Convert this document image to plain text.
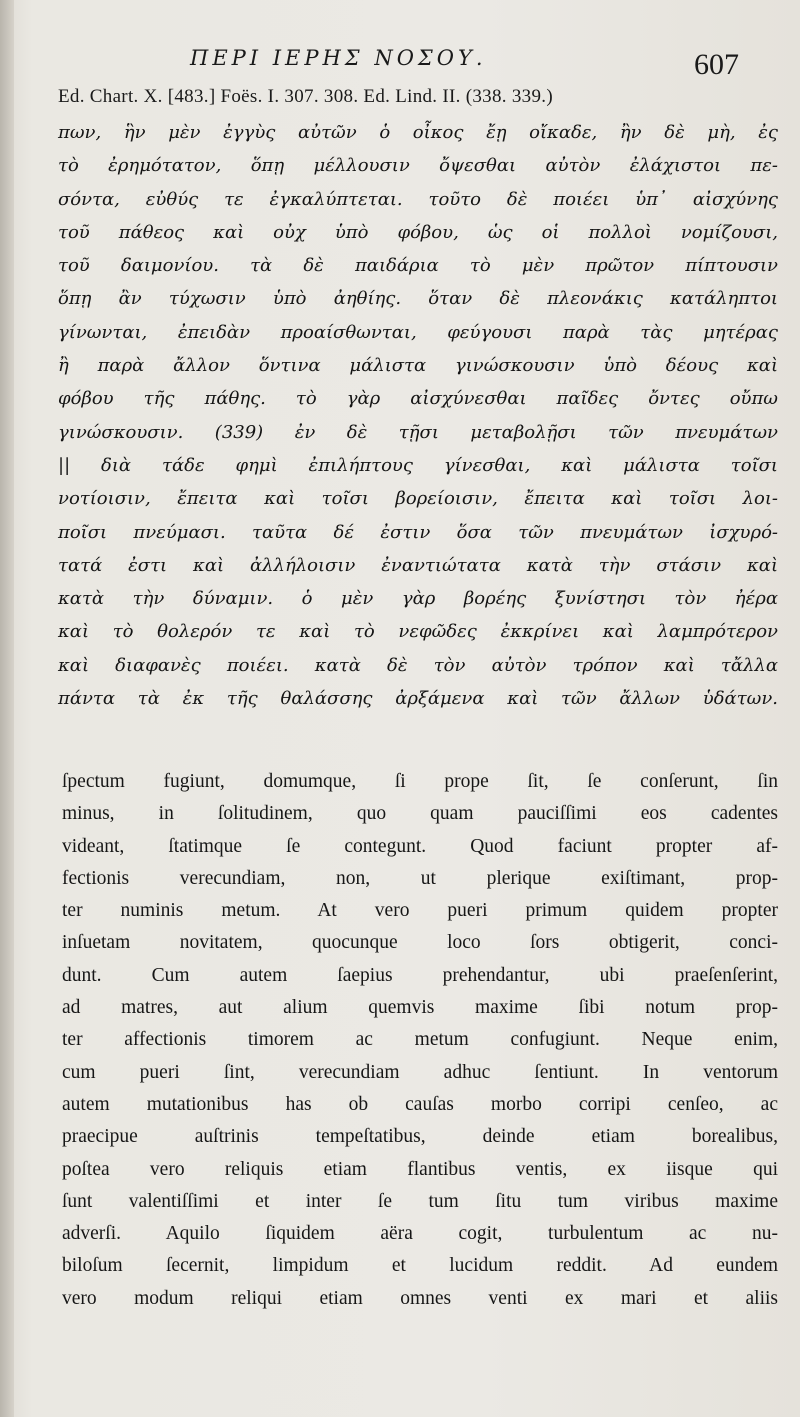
ΠΕΡΙ ΙΕΡΗΣ ΝΟΣΟΥ.	607
Ed. Chart. X. [483.] Foës. I. 307. 308. Ed. Lind. II. (338. 339.)
πων, ἣν μὲν ἐγγὺς αὐτῶν ὁ οἶκος ἔῃ οἴκαδε, ἢν δὲ μὴ, ἐς
τὸ ἐρημότατον, ὅπῃ μέλλουσιν ὄψεσθαι αὐτὸν ἐλάχιστοι πε-
σόντα, εὐθύς τε ἐγκαλύπτεται. τοῦτο δὲ ποιέει ὑπ᾽ αἰσχύνης
τοῦ πάθεος καὶ οὐχ ὑπὸ φόβου, ὡς οἱ πολλοὶ νομίζουσι,
τοῦ δαιμονίου. τὰ δὲ παιδάρια τὸ μὲν πρῶτον πίπτουσιν
ὅπῃ ἂν τύχωσιν ὑπὸ ἀηθίης. ὅταν δὲ πλεονάκις κατάληπτοι
γίνωνται, ἐπειδὰν προαίσθωνται, φεύγουσι παρὰ τὰς μητέρας
ἢ παρὰ ἄλλον ὅντινα μάλιστα γινώσκουσιν ὑπὸ δέους καὶ
φόβου τῆς πάθης. τὸ γὰρ αἰσχύνεσθαι παῖδες ὄντες οὔπω
γινώσκουσιν. (339) ἐν δὲ τῇσι μεταβολῇσι τῶν πνευμάτων
|| διὰ τάδε φημὶ ἐπιλήπτους γίνεσθαι, καὶ μάλιστα τοῖσι
νοτίοισιν, ἔπειτα καὶ τοῖσι βορείοισιν, ἔπειτα καὶ τοῖσι λοι-
ποῖσι πνεύμασι. ταῦτα δέ ἐστιν ὅσα τῶν πνευμάτων ἰσχυρό-
τατά ἐστι καὶ ἀλλήλοισιν ἐναντιώτατα κατὰ τὴν στάσιν καὶ
κατὰ τὴν δύναμιν. ὁ μὲν γὰρ βορέης ξυνίστησι τὸν ἠέρα
καὶ τὸ θολερόν τε καὶ τὸ νεφῶδες ἐκκρίνει καὶ λαμπρότερον
καὶ διαφανὲς ποιέει. κατὰ δὲ τὸν αὐτὸν τρόπον καὶ τἄλλα
πάντα τὰ ἐκ τῆς θαλάσσης ἀρξάμενα καὶ τῶν ἄλλων ὑδάτων.
ſpectum fugiunt, domumque, ſi prope ſit, ſe conſerunt, ſin
minus, in ſolitudinem, quo quam pauciſſimi eos cadentes
videant, ſtatimque ſe contegunt. Quod faciunt propter af-
fectionis verecundiam, non, ut plerique exiſtimant, prop-
ter numinis metum. At vero pueri primum quidem propter
inſuetam novitatem, quocunque loco ſors obtigerit, conci-
dunt. Cum autem ſaepius prehendantur, ubi praeſenſerint,
ad matres, aut alium quemvis maxime ſibi notum prop-
ter affectionis timorem ac metum confugiunt. Neque enim,
cum pueri ſint, verecundiam adhuc ſentiunt. In ventorum
autem mutationibus has ob cauſas morbo corripi cenſeo, ac
praecipue auſtrinis tempeſtatibus, deinde etiam borealibus,
poſtea vero reliquis etiam flantibus ventis, ex iisque qui
ſunt valentiſſimi et inter ſe tum ſitu tum viribus maxime
adverſi. Aquilo ſiquidem aëra cogit, turbulentum ac nu-
biloſum ſecernit, limpidum et lucidum reddit. Ad eundem
vero modum reliqui etiam omnes venti ex mari et aliis
